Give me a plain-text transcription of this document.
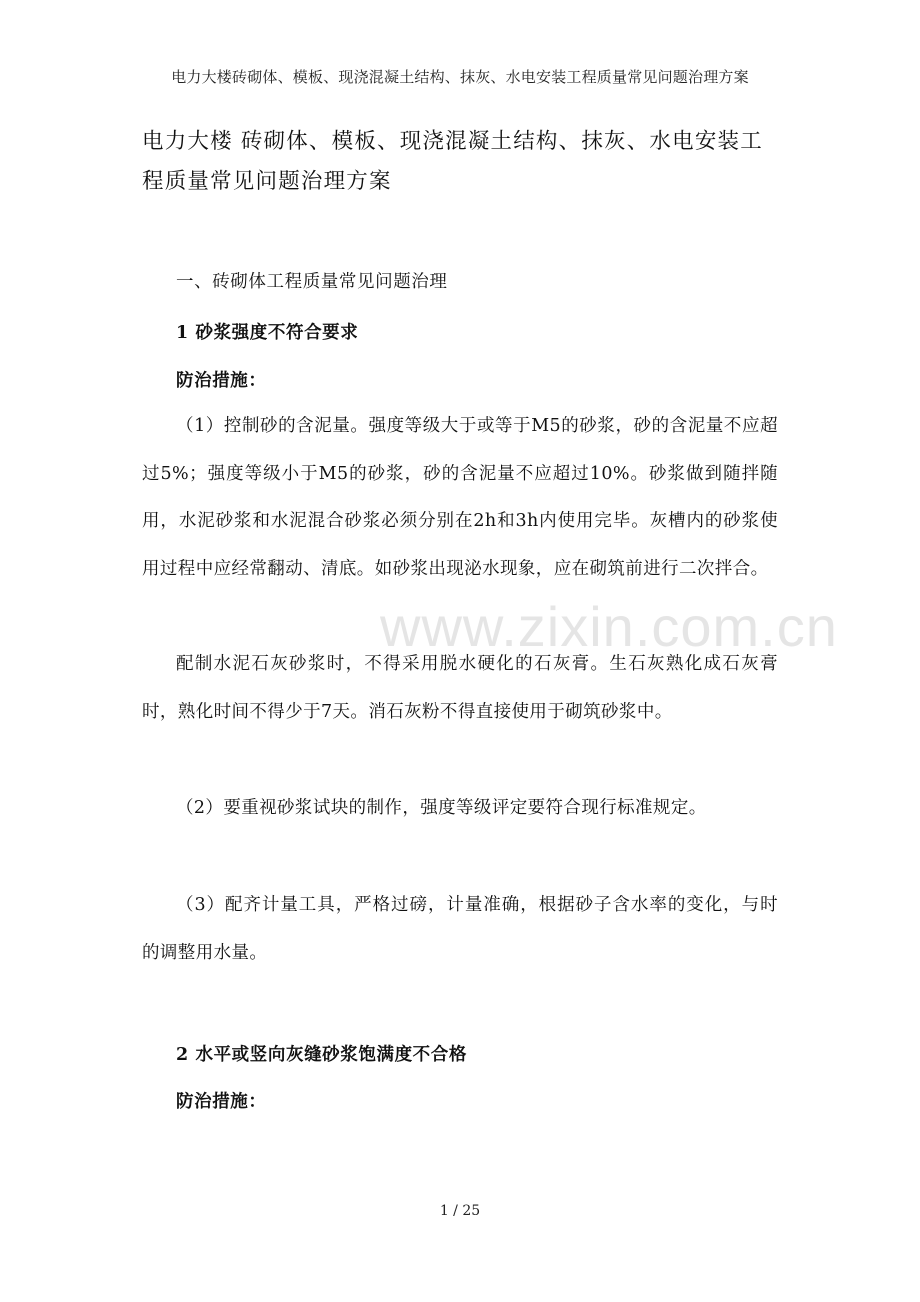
电力大楼砖砌体、模板、现浇混凝土结构、抹灰、水电安装工程质量常见问题治理方案
电力大楼 砖砌体、模板、现浇混凝土结构、抹灰、水电安装工程质量常见问题治理方案
一、砖砌体工程质量常见问题治理
1 砂浆强度不符合要求
防治措施：
（1）控制砂的含泥量。强度等级大于或等于M5的砂浆，砂的含泥量不应超过5%；强度等级小于M5的砂浆，砂的含泥量不应超过10%。砂浆做到随拌随用，水泥砂浆和水泥混合砂浆必须分别在2h和3h内使用完毕。灰槽内的砂浆使用过程中应经常翻动、清底。如砂浆出现泌水现象，应在砌筑前进行二次拌合。
配制水泥石灰砂浆时，不得采用脱水硬化的石灰膏。生石灰熟化成石灰膏时，熟化时间不得少于7天。消石灰粉不得直接使用于砌筑砂浆中。
（2）要重视砂浆试块的制作，强度等级评定要符合现行标准规定。
（3）配齐计量工具，严格过磅，计量准确，根据砂子含水率的变化，与时的调整用水量。
2 水平或竖向灰缝砂浆饱满度不合格
防治措施：
www.zixin.com.cn
1 / 25
